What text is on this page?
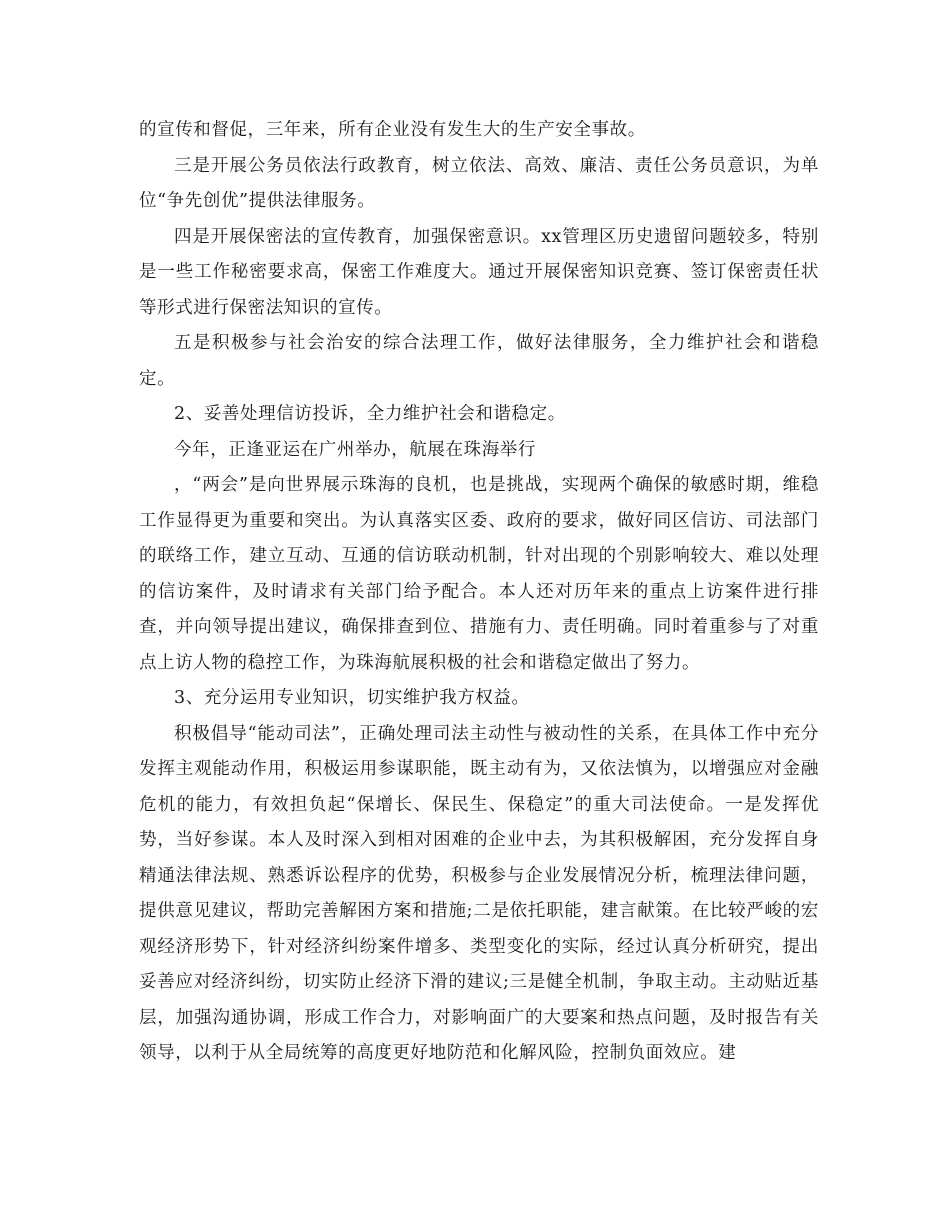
的宣传和督促，三年来，所有企业没有发生大的生产安全事故。

三是开展公务员依法行政教育，树立依法、高效、廉洁、责任公务员意识，为单位“争先创优”提供法律服务。

四是开展保密法的宣传教育，加强保密意识。xx管理区历史遗留问题较多，特别是一些工作秘密要求高，保密工作难度大。通过开展保密知识竞赛、签订保密责任状等形式进行保密法知识的宣传。

五是积极参与社会治安的综合法理工作，做好法律服务，全力维护社会和谐稳定。

2、妥善处理信访投诉，全力维护社会和谐稳定。

今年，正逢亚运在广州举办，航展在珠海举行

，“两会”是向世界展示珠海的良机，也是挑战，实现两个确保的敏感时期，维稳工作显得更为重要和突出。为认真落实区委、政府的要求，做好同区信访、司法部门的联络工作，建立互动、互通的信访联动机制，针对出现的个别影响较大、难以处理的信访案件，及时请求有关部门给予配合。本人还对历年来的重点上访案件进行排查，并向领导提出建议，确保排查到位、措施有力、责任明确。同时着重参与了对重点上访人物的稳控工作，为珠海航展积极的社会和谐稳定做出了努力。

3、充分运用专业知识，切实维护我方权益。

积极倡导“能动司法”，正确处理司法主动性与被动性的关系，在具体工作中充分发挥主观能动作用，积极运用参谋职能，既主动有为，又依法慎为，以增强应对金融危机的能力，有效担负起“保增长、保民生、保稳定”的重大司法使命。一是发挥优势，当好参谋。本人及时深入到相对困难的企业中去，为其积极解困，充分发挥自身精通法律法规、熟悉诉讼程序的优势，积极参与企业发展情况分析，梳理法律问题，提供意见建议，帮助完善解困方案和措施;二是依托职能，建言献策。在比较严峻的宏观经济形势下，针对经济纠纷案件增多、类型变化的实际，经过认真分析研究，提出妥善应对经济纠纷，切实防止经济下滑的建议;三是健全机制，争取主动。主动贴近基层，加强沟通协调，形成工作合力，对影响面广的大要案和热点问题，及时报告有关领导，以利于从全局统筹的高度更好地防范和化解风险，控制负面效应。建
